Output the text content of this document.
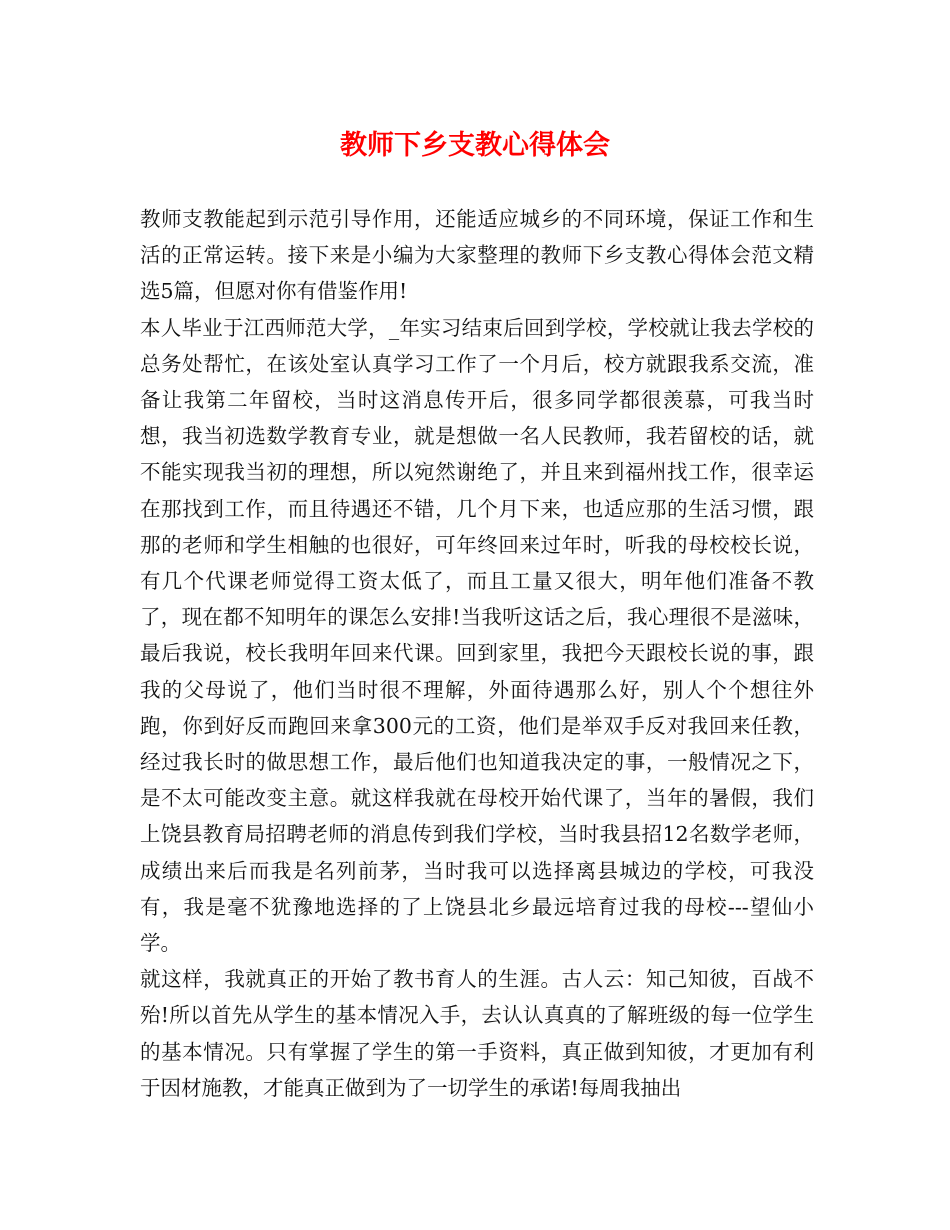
教师下乡支教心得体会

教师支教能起到示范引导作用，还能适应城乡的不同环境，保证工作和生活的正常运转。接下来是小编为大家整理的教师下乡支教心得体会范文精选5篇，但愿对你有借鉴作用!

本人毕业于江西师范大学，_年实习结束后回到学校，学校就让我去学校的总务处帮忙，在该处室认真学习工作了一个月后，校方就跟我系交流，准备让我第二年留校，当时这消息传开后，很多同学都很羡慕，可我当时想，我当初选数学教育专业，就是想做一名人民教师，我若留校的话，就不能实现我当初的理想，所以宛然谢绝了，并且来到福州找工作，很幸运在那找到工作，而且待遇还不错，几个月下来，也适应那的生活习惯，跟那的老师和学生相触的也很好，可年终回来过年时，听我的母校校长说，有几个代课老师觉得工资太低了，而且工量又很大，明年他们准备不教了，现在都不知明年的课怎么安排!当我听这话之后，我心理很不是滋味，最后我说，校长我明年回来代课。回到家里，我把今天跟校长说的事，跟我的父母说了，他们当时很不理解，外面待遇那么好，别人个个想往外跑，你到好反而跑回来拿300元的工资，他们是举双手反对我回来任教，经过我长时的做思想工作，最后他们也知道我决定的事，一般情况之下，是不太可能改变主意。就这样我就在母校开始代课了，当年的暑假，我们上饶县教育局招聘老师的消息传到我们学校，当时我县招12名数学老师，成绩出来后而我是名列前茅，当时我可以选择离县城边的学校，可我没有，我是毫不犹豫地选择的了上饶县北乡最远培育过我的母校---望仙小学。

就这样，我就真正的开始了教书育人的生涯。古人云：知己知彼，百战不殆!所以首先从学生的基本情况入手，去认认真真的了解班级的每一位学生的基本情况。只有掌握了学生的第一手资料，真正做到知彼，才更加有利于因材施教，才能真正做到为了一切学生的承诺!每周我抽出
